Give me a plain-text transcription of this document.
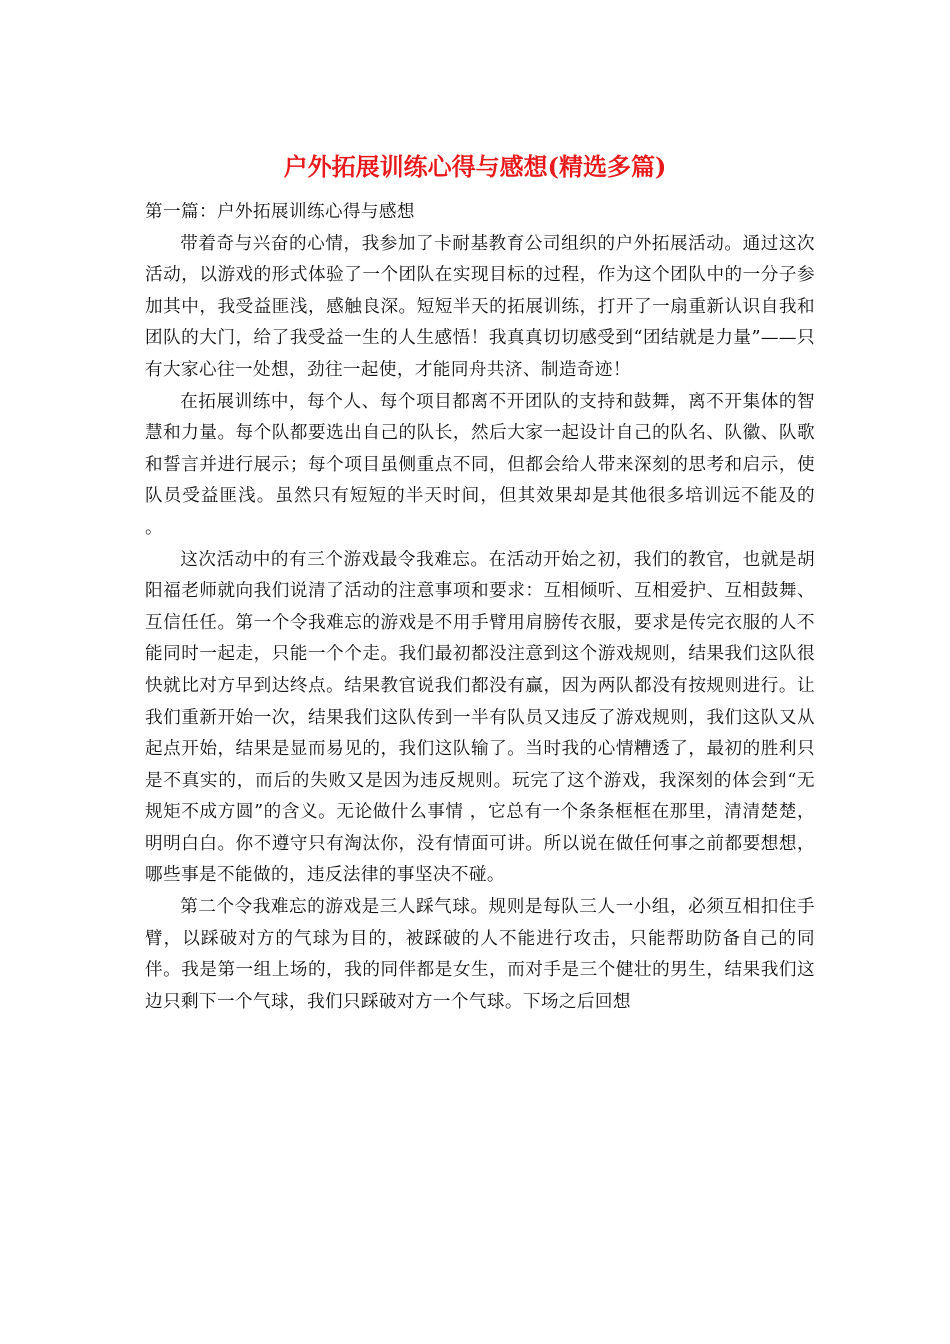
户外拓展训练心得与感想(精选多篇)

第一篇：户外拓展训练心得与感想

带着奇与兴奋的心情，我参加了卡耐基教育公司组织的户外拓展活动。通过这次活动，以游戏的形式体验了一个团队在实现目标的过程，作为这个团队中的一分子参加其中，我受益匪浅，感触良深。短短半天的拓展训练，打开了一扇重新认识自我和团队的大门，给了我受益一生的人生感悟！我真真切切感受到“团结就是力量”——只有大家心往一处想，劲往一起使，才能同舟共济、制造奇迹！

在拓展训练中，每个人、每个项目都离不开团队的支持和鼓舞，离不开集体的智慧和力量。每个队都要选出自己的队长，然后大家一起设计自己的队名、队徽、队歌和誓言并进行展示；每个项目虽侧重点不同，但都会给人带来深刻的思考和启示，使队员受益匪浅。虽然只有短短的半天时间，但其效果却是其他很多培训远不能及的 。

这次活动中的有三个游戏最令我难忘。在活动开始之初，我们的教官，也就是胡阳福老师就向我们说清了活动的注意事项和要求：互相倾听、互相爱护、互相鼓舞、互信任任。第一个令我难忘的游戏是不用手臂用肩膀传衣服，要求是传完衣服的人不能同时一起走，只能一个个走。我们最初都没注意到这个游戏规则，结果我们这队很快就比对方早到达终点。结果教官说我们都没有赢，因为两队都没有按规则进行。让我们重新开始一次，结果我们这队传到一半有队员又违反了游戏规则，我们这队又从起点开始，结果是显而易见的，我们这队输了。当时我的心情糟透了，最初的胜利只是不真实的，而后的失败又是因为违反规则。玩完了这个游戏，我深刻的体会到“无规矩不成方圆”的含义。无论做什么事情 ，它总有一个条条框框在那里，清清楚楚，明明白白。你不遵守只有淘汰你，没有情面可讲。所以说在做任何事之前都要想想，哪些事是不能做的，违反法律的事坚决不碰。

第二个令我难忘的游戏是三人踩气球。规则是每队三人一小组，必须互相扣住手臂，以踩破对方的气球为目的，被踩破的人不能进行攻击，只能帮助防备自己的同伴。我是第一组上场的，我的同伴都是女生，而对手是三个健壮的男生，结果我们这边只剩下一个气球，我们只踩破对方一个气球。下场之后回想
